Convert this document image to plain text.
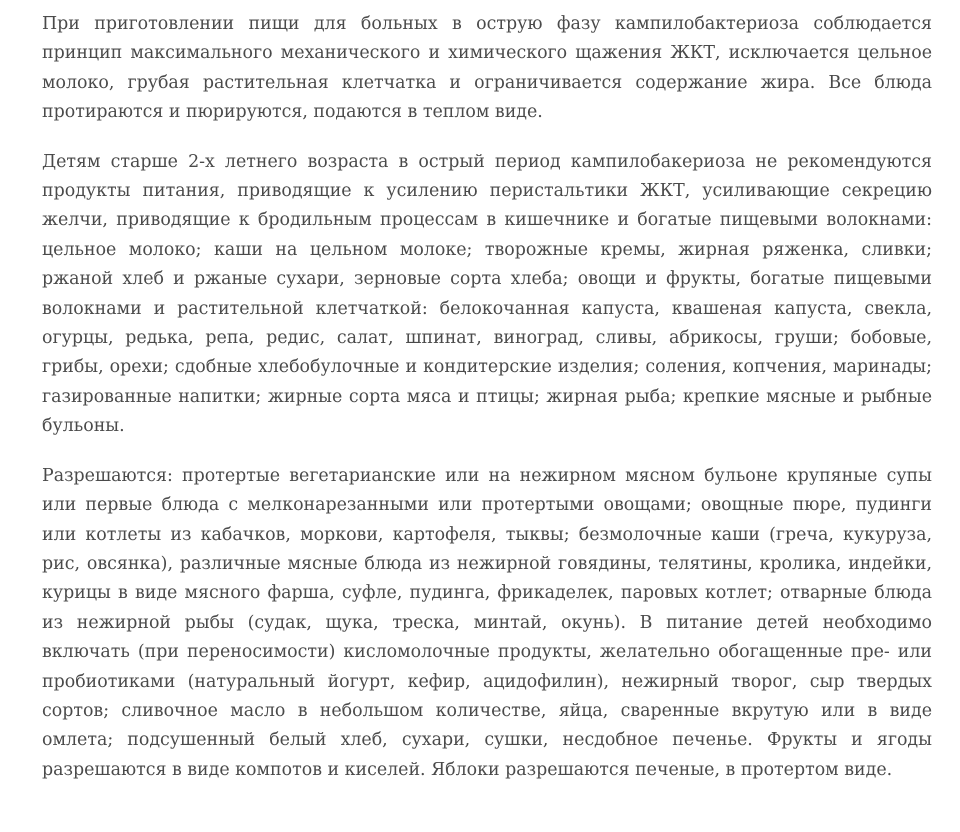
При приготовлении пищи для больных в острую фазу кампилобактериоза соблюдается принцип максимального механического и химического щажения ЖКТ, исключается цельное молоко, грубая растительная клетчатка и ограничивается содержание жира. Все блюда протираются и пюрируются, подаются в теплом виде.

Детям старше 2-х летнего возраста в острый период кампилобакериоза не рекомендуются продукты питания, приводящие к усилению перистальтики ЖКТ, усиливающие секрецию желчи, приводящие к бродильным процессам в кишечнике и богатые пищевыми волокнами: цельное молоко; каши на цельном молоке; творожные кремы, жирная ряженка, сливки; ржаной хлеб и ржаные сухари, зерновые сорта хлеба; овощи и фрукты, богатые пищевыми волокнами и растительной клетчаткой: белокочанная капуста, квашеная капуста, свекла, огурцы, редька, репа, редис, салат, шпинат, виноград, сливы, абрикосы, груши; бобовые, грибы, орехи; сдобные хлебобулочные и кондитерские изделия; соления, копчения, маринады; газированные напитки; жирные сорта мяса и птицы; жирная рыба; крепкие мясные и рыбные бульоны.

Разрешаются: протертые вегетарианские или на нежирном мясном бульоне крупяные супы или первые блюда с мелконарезанными или протертыми овощами; овощные пюре, пудинги или котлеты из кабачков, моркови, картофеля, тыквы; безмолочные каши (греча, кукуруза, рис, овсянка), различные мясные блюда из нежирной говядины, телятины, кролика, индейки, курицы в виде мясного фарша, суфле, пудинга, фрикаделек, паровых котлет; отварные блюда из нежирной рыбы (судак, щука, треска, минтай, окунь). В питание детей необходимо включать (при переносимости) кисломолочные продукты, желательно обогащенные пре- или пробиотиками (натуральный йогурт, кефир, ацидофилин), нежирный творог, сыр твердых сортов; сливочное масло в небольшом количестве, яйца, сваренные вкрутую или в виде омлета; подсушенный белый хлеб, сухари, сушки, несдобное печенье. Фрукты и ягоды разрешаются в виде компотов и киселей. Яблоки разрешаются печеные, в протертом виде.
